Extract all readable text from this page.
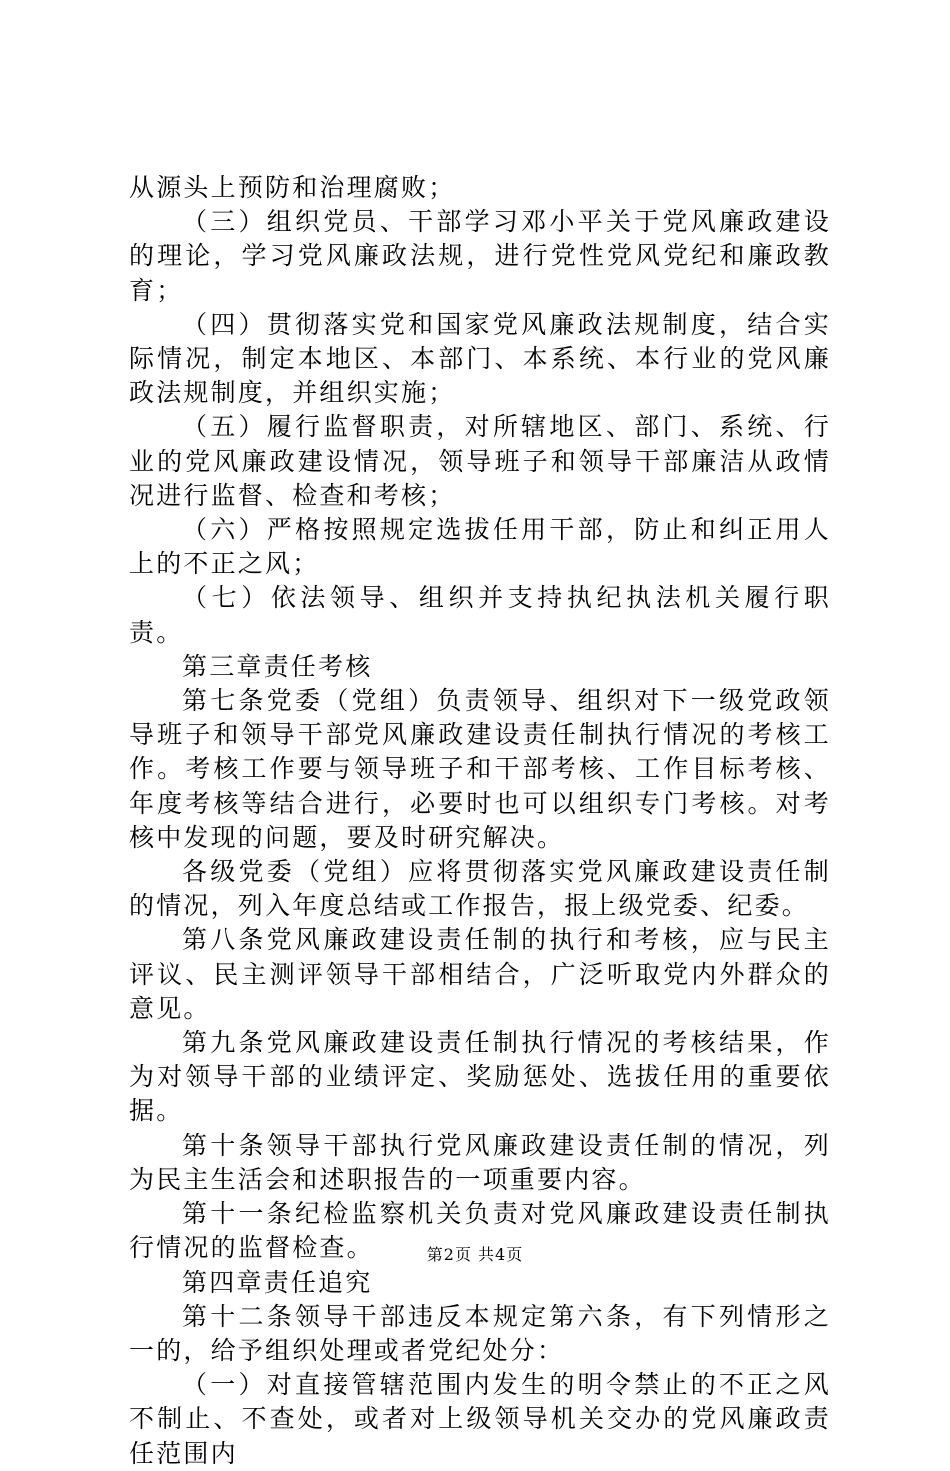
从源头上预防和治理腐败；

（三）组织党员、干部学习邓小平关于党风廉政建设的理论，学习党风廉政法规，进行党性党风党纪和廉政教育；

（四）贯彻落实党和国家党风廉政法规制度，结合实际情况，制定本地区、本部门、本系统、本行业的党风廉政法规制度，并组织实施；

（五）履行监督职责，对所辖地区、部门、系统、行业的党风廉政建设情况，领导班子和领导干部廉洁从政情况进行监督、检查和考核；

（六）严格按照规定选拔任用干部，防止和纠正用人上的不正之风；

（七）依法领导、组织并支持执纪执法机关履行职责。

第三章责任考核

第七条党委（党组）负责领导、组织对下一级党政领导班子和领导干部党风廉政建设责任制执行情况的考核工作。考核工作要与领导班子和干部考核、工作目标考核、年度考核等结合进行，必要时也可以组织专门考核。对考核中发现的问题，要及时研究解决。

各级党委（党组）应将贯彻落实党风廉政建设责任制的情况，列入年度总结或工作报告，报上级党委、纪委。

第八条党风廉政建设责任制的执行和考核，应与民主评议、民主测评领导干部相结合，广泛听取党内外群众的意见。

第九条党风廉政建设责任制执行情况的考核结果，作为对领导干部的业绩评定、奖励惩处、选拔任用的重要依据。

第十条领导干部执行党风廉政建设责任制的情况，列为民主生活会和述职报告的一项重要内容。

第十一条纪检监察机关负责对党风廉政建设责任制执行情况的监督检查。

第四章责任追究

第十二条领导干部违反本规定第六条，有下列情形之一的，给予组织处理或者党纪处分：

（一）对直接管辖范围内发生的明令禁止的不正之风不制止、不查处，或者对上级领导机关交办的党风廉政责任范围内

第2页 共4页
